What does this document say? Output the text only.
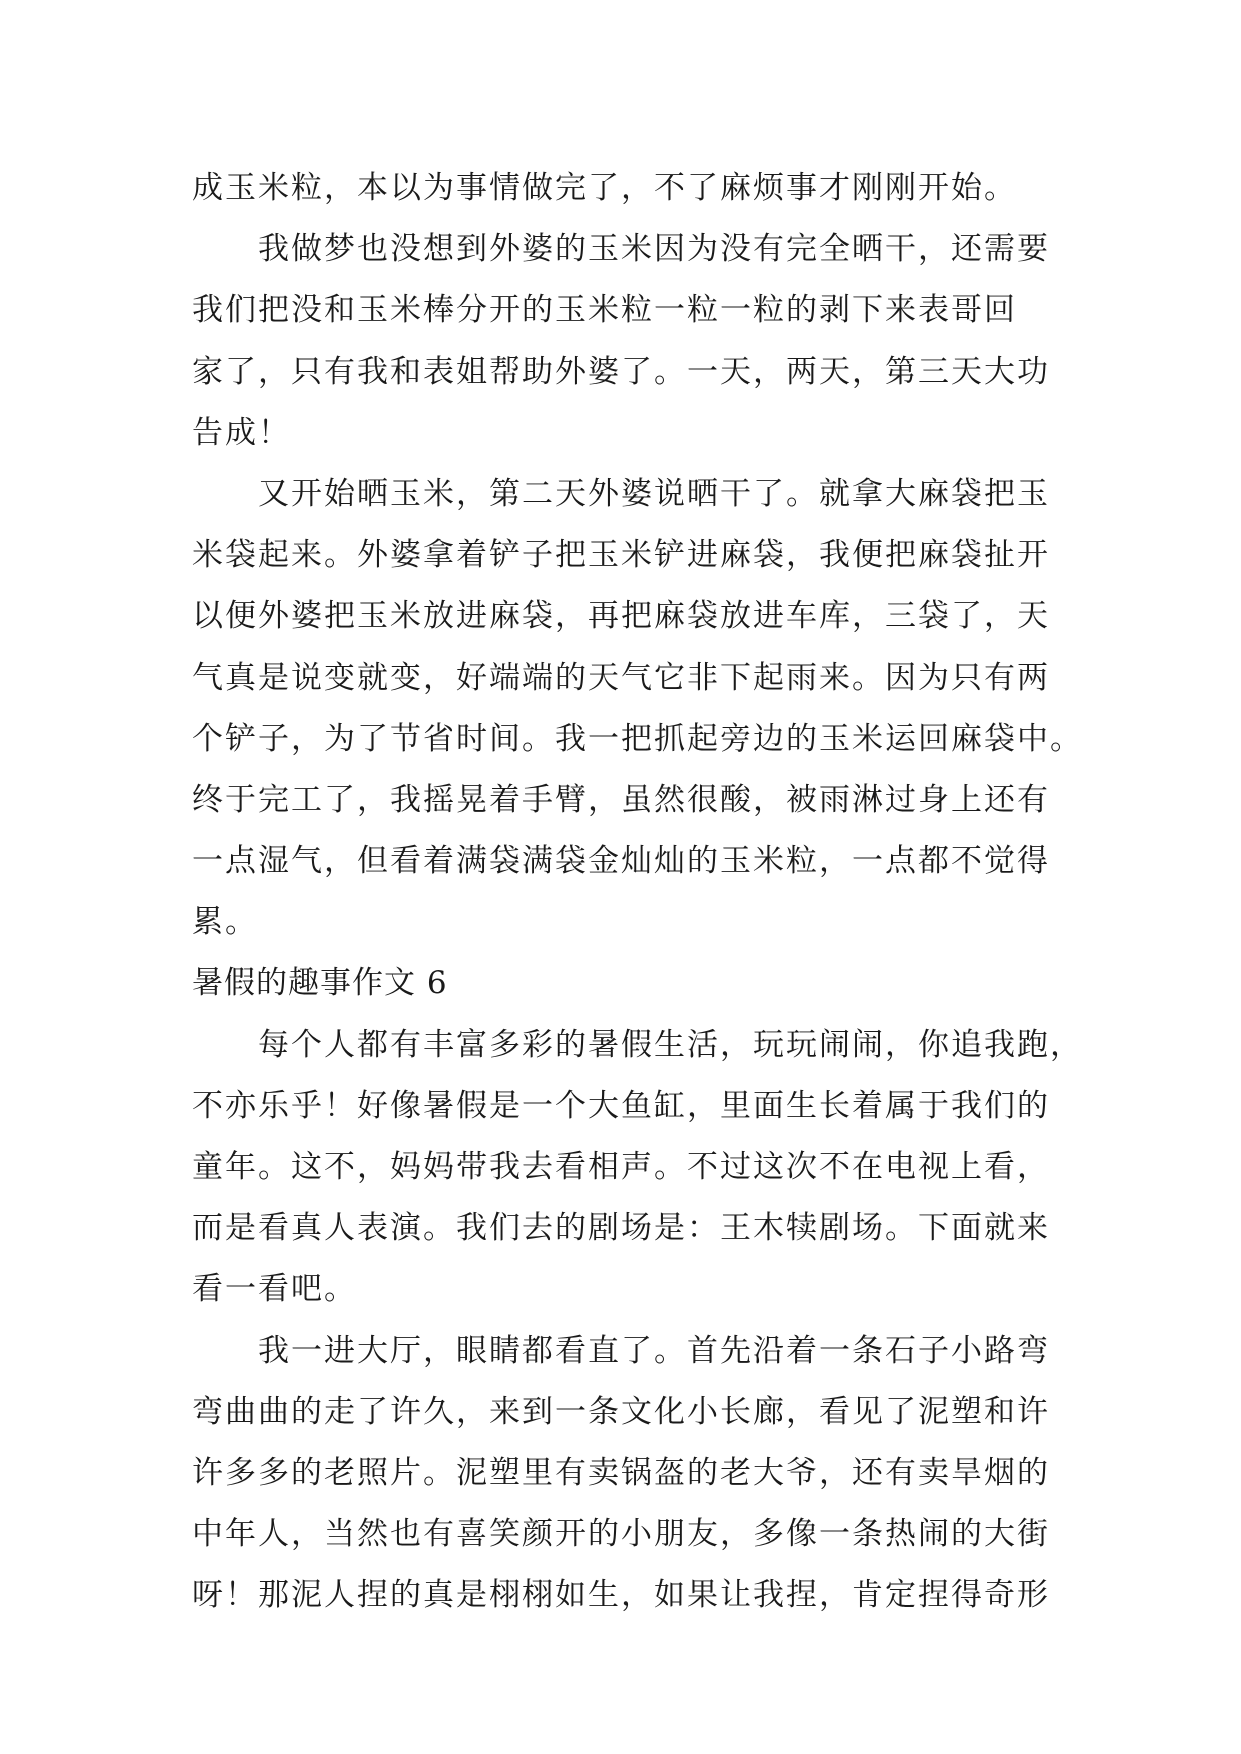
成玉米粒，本以为事情做完了，不了麻烦事才刚刚开始。
我做梦也没想到外婆的玉米因为没有完全晒干，还需要
我们把没和玉米棒分开的玉米粒一粒一粒的剥下来表哥回
家了，只有我和表姐帮助外婆了。一天，两天，第三天大功
告成！
又开始晒玉米，第二天外婆说晒干了。就拿大麻袋把玉
米袋起来。外婆拿着铲子把玉米铲进麻袋，我便把麻袋扯开
以便外婆把玉米放进麻袋，再把麻袋放进车库，三袋了，天
气真是说变就变，好端端的天气它非下起雨来。因为只有两
个铲子，为了节省时间。我一把抓起旁边的玉米运回麻袋中。
终于完工了，我摇晃着手臂，虽然很酸，被雨淋过身上还有
一点湿气，但看着满袋满袋金灿灿的玉米粒，一点都不觉得
累。
暑假的趣事作文 6
每个人都有丰富多彩的暑假生活，玩玩闹闹，你追我跑，
不亦乐乎！好像暑假是一个大鱼缸，里面生长着属于我们的
童年。这不，妈妈带我去看相声。不过这次不在电视上看，
而是看真人表演。我们去的剧场是：王木犊剧场。下面就来
看一看吧。
我一进大厅，眼睛都看直了。首先沿着一条石子小路弯
弯曲曲的走了许久，来到一条文化小长廊，看见了泥塑和许
许多多的老照片。泥塑里有卖锅盔的老大爷，还有卖旱烟的
中年人，当然也有喜笑颜开的小朋友，多像一条热闹的大街
呀！那泥人捏的真是栩栩如生，如果让我捏，肯定捏得奇形
